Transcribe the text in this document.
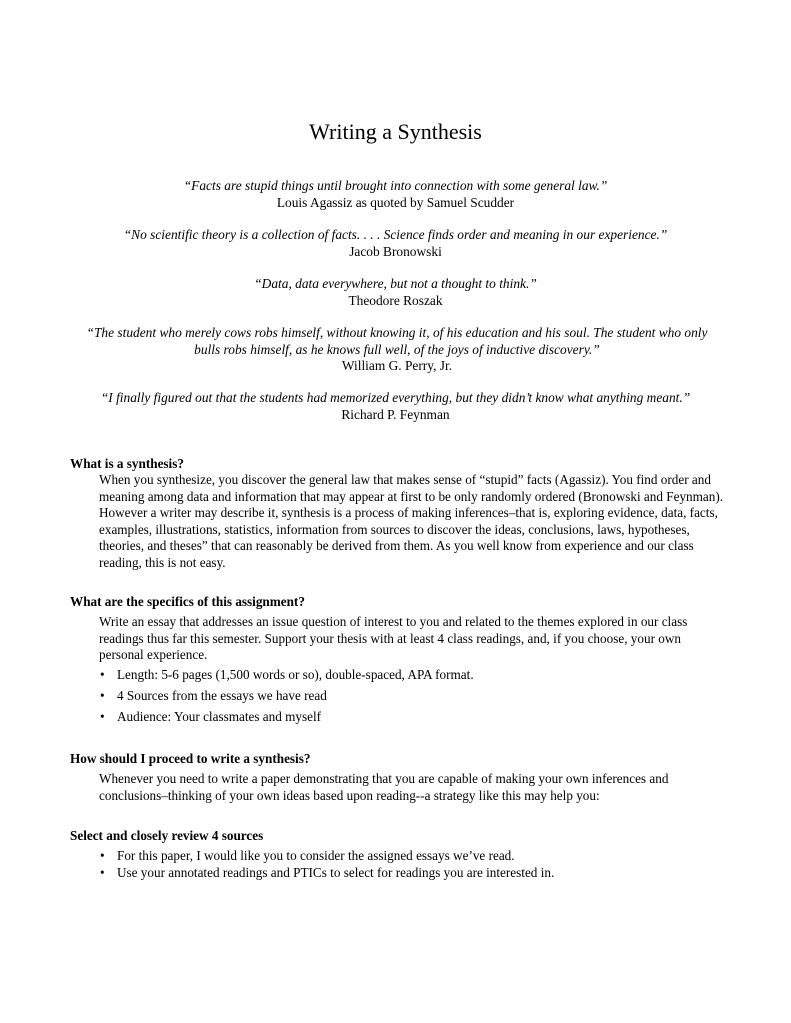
Writing a Synthesis
“Facts are stupid things until brought into connection with some general law.”
Louis Agassiz as quoted by Samuel Scudder
“No scientific theory is a collection of facts. . . . Science finds order and meaning in our experience.”
Jacob Bronowski
“Data, data everywhere, but not a thought to think.”
Theodore Roszak
“The student who merely cows robs himself, without knowing it, of his education and his soul. The student who only bulls robs himself, as he knows full well, of the joys of inductive discovery.”
William G. Perry, Jr.
“I finally figured out that the students had memorized everything, but they didn’t know what anything meant.”
Richard P. Feynman
What is a synthesis?
When you synthesize, you discover the general law that makes sense of “stupid” facts (Agassiz). You find order and meaning among data and information that may appear at first to be only randomly ordered (Bronowski and Feynman). However a writer may describe it, synthesis is a process of making inferences–that is, exploring evidence, data, facts, examples, illustrations, statistics, information from sources to discover the ideas, conclusions, laws, hypotheses, theories, and theses” that can reasonably be derived from them. As you well know from experience and our class reading, this is not easy.
What are the specifics of this assignment?
Write an essay that addresses an issue question of interest to you and related to the themes explored in our class readings thus far this semester. Support your thesis with at least 4 class readings, and, if you choose, your own personal experience.
• Length: 5-6 pages (1,500 words or so), double-spaced, APA format.
• 4 Sources from the essays we have read
• Audience: Your classmates and myself
How should I proceed to write a synthesis?
Whenever you need to write a paper demonstrating that you are capable of making your own inferences and conclusions–thinking of your own ideas based upon reading--a strategy like this may help you:
Select and closely review 4 sources
• For this paper, I would like you to consider the assigned essays we’ve read.
• Use your annotated readings and PTICs to select for readings you are interested in.
